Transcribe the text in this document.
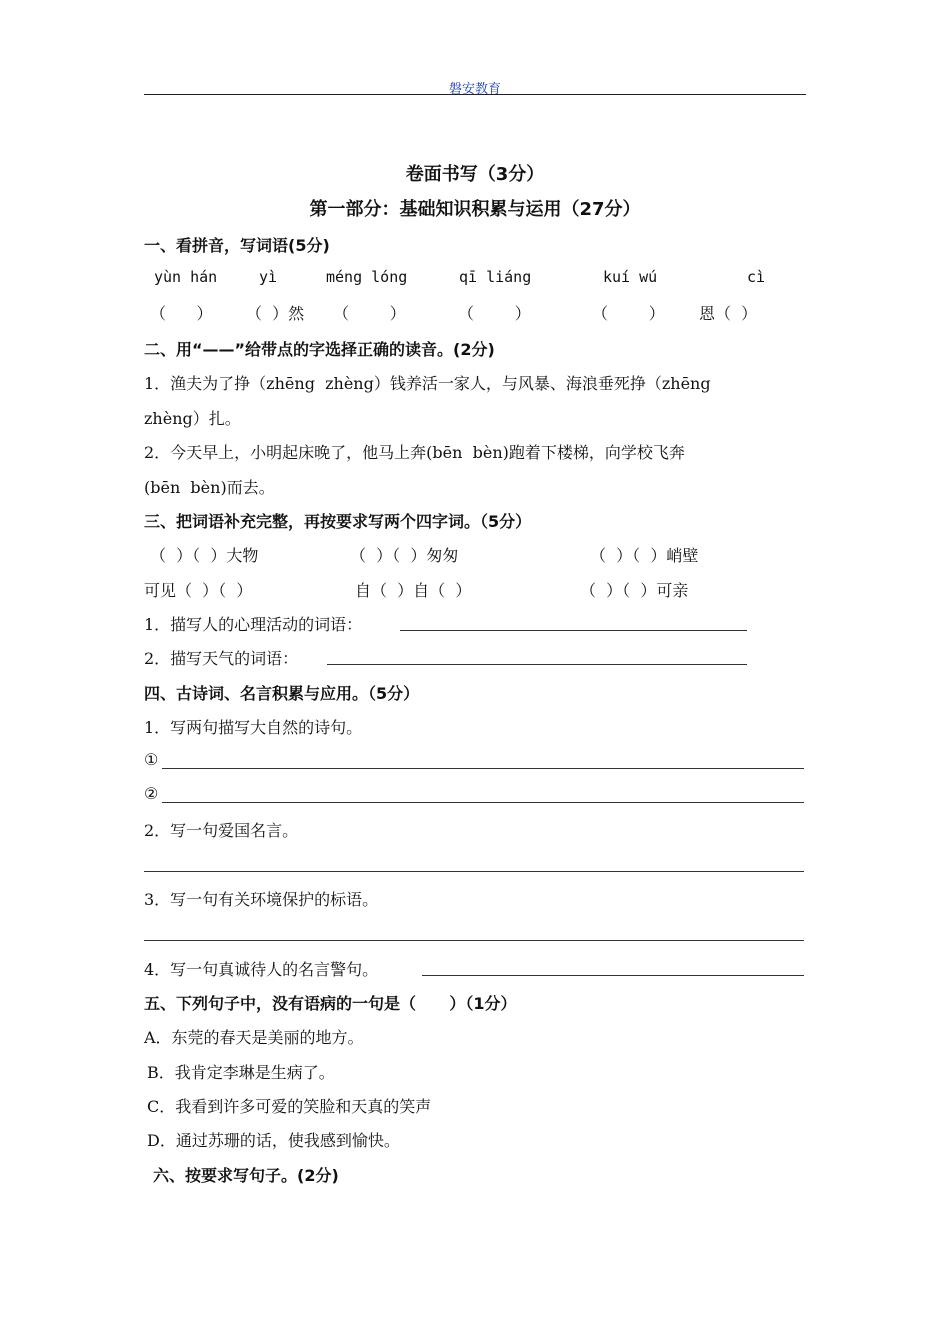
磐安教育
卷面书写（3分）
第一部分：基础知识积累与运用（27分）
一、看拼音，写词语(5分)
yùn hán	yì	méng lóng	qī liáng	kuí wú	cì
（      ） （  ）然 （        ）	（        ）	（        ） 恩（  ）
二、用“——”给带点的字选择正确的读音。(2分)
1．渔夫为了挣（zhēng  zhèng）钱养活一家人，与风暴、海浪垂死挣（zhēng
zhèng）扎。
2．今天早上，小明起床晚了，他马上奔(bēn  bèn)跑着下楼梯，向学校飞奔
(bēn  bèn)而去。
三、把词语补充完整，再按要求写两个四字词。（5分）
（  ）（  ）大物	（  ）（  ）匆匆	（  ）（  ）峭壁
可见（  ）（  ）	自（  ）自（  ）	（  ）（  ）可亲
1．描写人的心理活动的词语：
2．描写天气的词语：
四、古诗词、名言积累与应用。（5分）
1．写两句描写大自然的诗句。
①
②
2．写一句爱国名言。
3．写一句有关环境保护的标语。
4．写一句真诚待人的名言警句。
五、下列句子中，没有语病的一句是（      ）（1分）
A．东莞的春天是美丽的地方。
B．我肯定李琳是生病了。
C．我看到许多可爱的笑脸和天真的笑声
D．通过苏珊的话，使我感到愉快。
六、按要求写句子。(2分)
